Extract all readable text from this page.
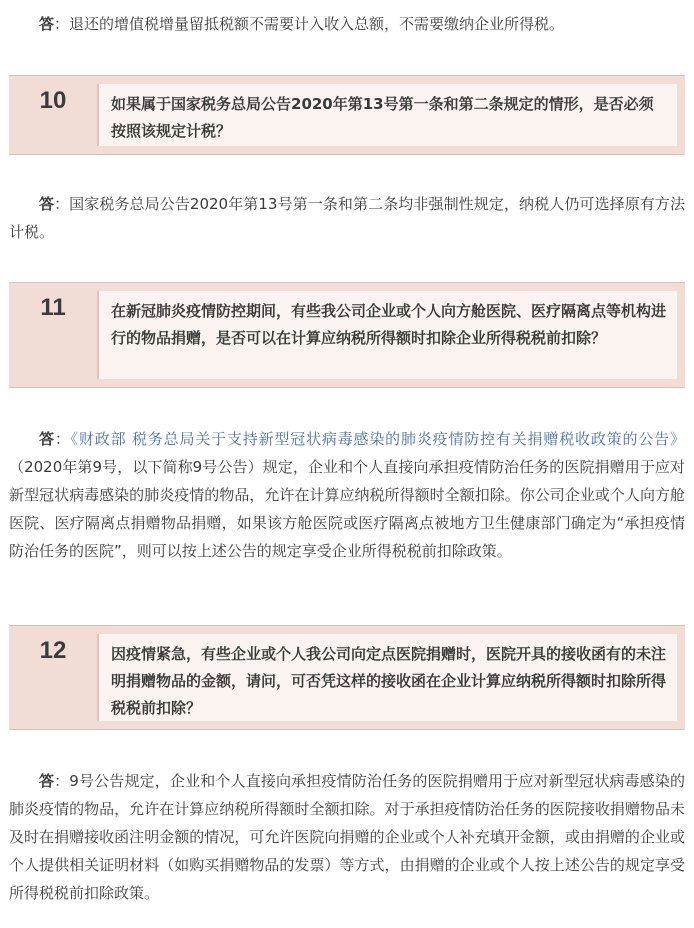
答：退还的增值税增量留抵税额不需要计入收入总额，不需要缴纳企业所得税。

10	如果属于国家税务总局公告2020年第13号第一条和第二条规定的情形，是否必须按照该规定计税？

答：国家税务总局公告2020年第13号第一条和第二条均非强制性规定，纳税人仍可选择原有方法计税。

11	在新冠肺炎疫情防控期间，有些我公司企业或个人向方舱医院、医疗隔离点等机构进行的物品捐赠，是否可以在计算应纳税所得额时扣除企业所得税税前扣除？

答：《财政部 税务总局关于支持新型冠状病毒感染的肺炎疫情防控有关捐赠税收政策的公告》（2020年第9号，以下简称9号公告）规定，企业和个人直接向承担疫情防治任务的医院捐赠用于应对新型冠状病毒感染的肺炎疫情的物品，允许在计算应纳税所得额时全额扣除。你公司企业或个人向方舱医院、医疗隔离点捐赠物品捐赠，如果该方舱医院或医疗隔离点被地方卫生健康部门确定为“承担疫情防治任务的医院”，则可以按上述公告的规定享受企业所得税税前扣除政策。

12	因疫情紧急，有些企业或个人我公司向定点医院捐赠时，医院开具的接收函有的未注明捐赠物品的金额，请问，可否凭这样的接收函在企业计算应纳税所得额时扣除所得税税前扣除？

答：9号公告规定，企业和个人直接向承担疫情防治任务的医院捐赠用于应对新型冠状病毒感染的肺炎疫情的物品，允许在计算应纳税所得额时全额扣除。对于承担疫情防治任务的医院接收捐赠物品未及时在捐赠接收函注明金额的情况，可允许医院向捐赠的企业或个人补充填开金额，或由捐赠的企业或个人提供相关证明材料（如购买捐赠物品的发票）等方式，由捐赠的企业或个人按上述公告的规定享受所得税税前扣除政策。
